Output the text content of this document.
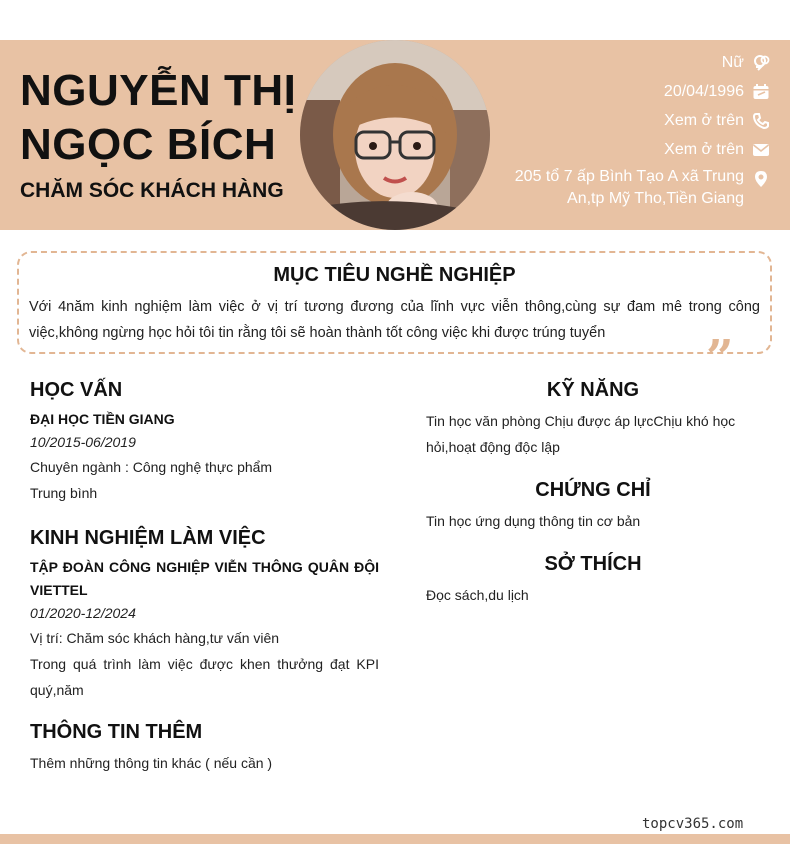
NGUYỄN THỊ
NGỌC BÍCH
CHĂM SÓC KHÁCH HÀNG
Nữ
20/04/1996
Xem ở trên
Xem ở trên
205 tổ 7 ấp Bình Tạo A xã Trung
An,tp Mỹ Tho,Tiền Giang
MỤC TIÊU NGHỀ NGHIỆP
Với 4năm kinh nghiệm làm việc ở vị trí tương đương của lĩnh vực viễn thông,cùng sự đam mê trong công việc,không ngừng học hỏi tôi tin rằng tôi sẽ hoàn thành tốt công việc khi được trúng tuyển	”
HỌC VẤN
ĐẠI HỌC TIỀN GIANG
10/2015-06/2019
Chuyên ngành : Công nghệ thực phẩm
Trung bình
KINH NGHIỆM LÀM VIỆC
TẬP ĐOÀN CÔNG NGHIỆP VIỄN THÔNG QUÂN ĐỘI VIETTEL
01/2020-12/2024
Vị trí: Chăm sóc khách hàng,tư vấn viên
Trong quá trình làm việc được khen thưởng đạt KPI quý,năm
THÔNG TIN THÊM
Thêm những thông tin khác ( nếu cần )
KỸ NĂNG
Tin học văn phòng Chịu được áp lựcChịu khó học hỏi,hoạt động độc lập
CHỨNG CHỈ
Tin học ứng dụng thông tin cơ bản
SỞ THÍCH
Đọc sách,du lịch
topcv365.com
